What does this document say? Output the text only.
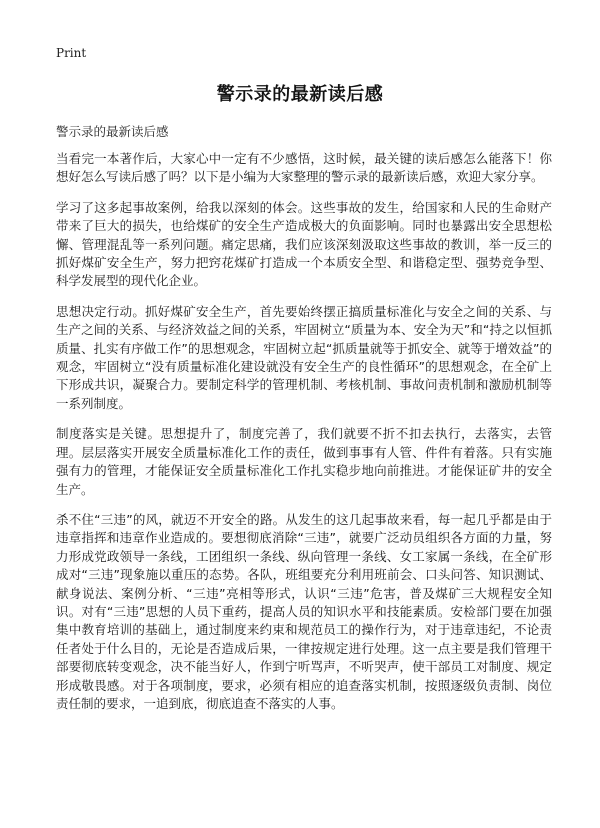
Print
警示录的最新读后感
警示录的最新读后感

当看完一本著作后，大家心中一定有不少感悟，这时候，最关键的读后感怎么能落下！你想好怎么写读后感了吗？以下是小编为大家整理的警示录的最新读后感，欢迎大家分享。

学习了这多起事故案例，给我以深刻的体会。这些事故的发生，给国家和人民的生命财产带来了巨大的损失，也给煤矿的安全生产造成极大的负面影响。同时也暴露出安全思想松懈、管理混乱等一系列问题。痛定思痛，我们应该深刻汲取这些事故的教训，举一反三的抓好煤矿安全生产，努力把窍花煤矿打造成一个本质安全型、和谐稳定型、强势竞争型、科学发展型的现代化企业。

思想决定行动。抓好煤矿安全生产，首先要始终摆正搞质量标准化与安全之间的关系、与生产之间的关系、与经济效益之间的关系，牢固树立“质量为本、安全为天”和“持之以恒抓质量、扎实有序做工作”的思想观念，牢固树立起“抓质量就等于抓安全、就等于增效益”的观念，牢固树立“没有质量标准化建设就没有安全生产的良性循环”的思想观念，在全矿上下形成共识，凝聚合力。要制定科学的管理机制、考核机制、事故问责机制和激励机制等一系列制度。

制度落实是关键。思想提升了，制度完善了，我们就要不折不扣去执行，去落实，去管理。层层落实开展安全质量标准化工作的责任，做到事事有人管、件件有着落。只有实施强有力的管理，才能保证安全质量标准化工作扎实稳步地向前推进。才能保证矿井的安全生产。

杀不住“三违”的风，就迈不开安全的路。从发生的这几起事故来看，每一起几乎都是由于违章指挥和违章作业造成的。要想彻底消除“三违”，就要广泛动员组织各方面的力量，努力形成党政领导一条线，工团组织一条线、纵向管理一条线、女工家属一条线，在全矿形成对“三违”现象施以重压的态势。各队，班组要充分利用班前会、口头问答、知识测试、献身说法、案例分析、“三违”亮相等形式，认识“三违”危害，普及煤矿三大规程安全知识。对有“三违”思想的人员下重药，提高人员的知识水平和技能素质。安检部门要在加强集中教育培训的基础上，通过制度来约束和规范员工的操作行为，对于违章违纪，不论责任者处于什么目的，无论是否造成后果，一律按规定进行处理。这一点主要是我们管理干部要彻底转变观念，决不能当好人，作到宁听骂声，不听哭声，使干部员工对制度、规定形成敬畏感。对于各项制度，要求，必须有相应的追查落实机制，按照逐级负责制、岗位责任制的要求，一追到底，彻底追查不落实的人事。
